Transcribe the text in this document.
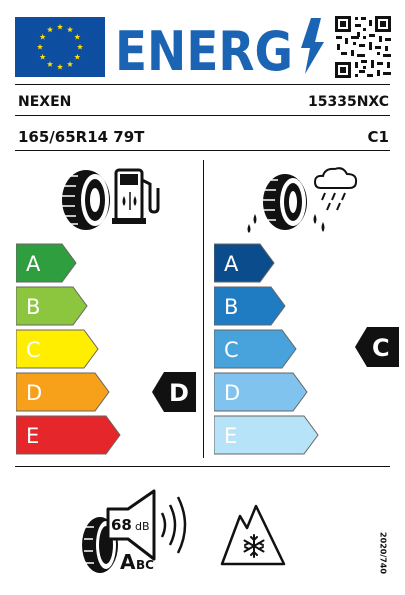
ENERG
NEXEN	15335NXC
165/65R14 79T	C1
A
B
C
D
E
D
A
B
C
D
E
C
68 dB
A BC	2020/740
